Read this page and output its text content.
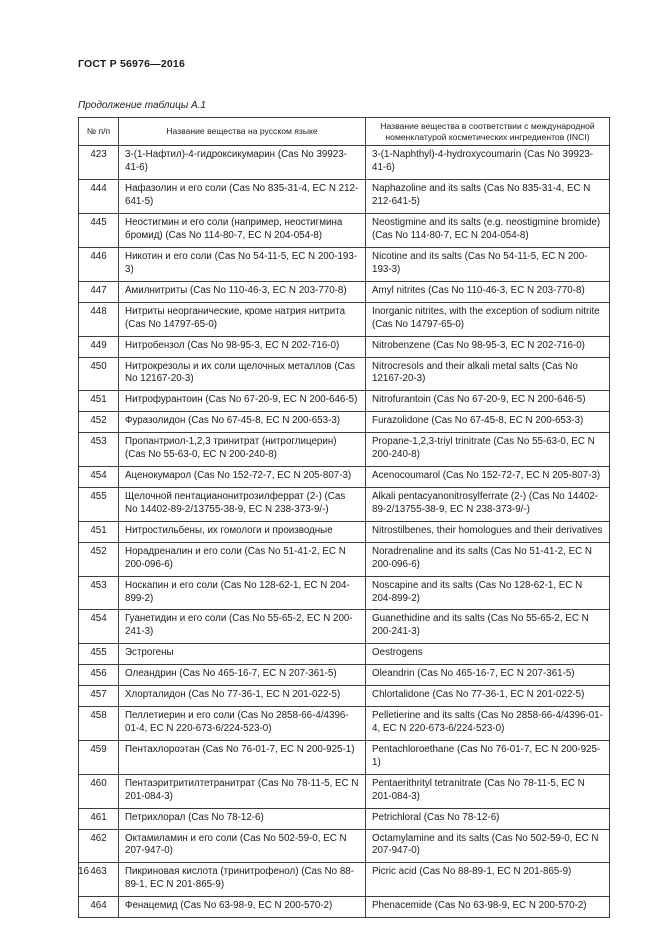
ГОСТ Р 56976—2016

Продолжение таблицы А.1

№ п/п	Название вещества на русском языке	Название вещества в соответствии с международной номенклатурой косметических ингредиентов (INCI)
423	3-(1-Нафтил)-4-гидроксикумарин (Cas No 39923-41-6)	3-(1-Naphthyl)-4-hydroxycoumarin (Cas No 39923-41-6)
444	Нафазолин и его соли (Cas No 835-31-4, EC N 212-641-5)	Naphazoline and its salts (Cas No 835-31-4, EC N 212-641-5)
445	Неостигмин и его соли (например, неостигмина бромид) (Cas No 114-80-7, EC N 204-054-8)	Neostigmine and its salts (e.g. neostigmine bromide) (Cas No 114-80-7, EC N 204-054-8)
446	Никотин и его соли (Cas No 54-11-5, EC N 200-193-3)	Nicotine and its salts (Cas No 54-11-5, EC N 200-193-3)
447	Амилнитриты (Cas No 110-46-3, EC N 203-770-8)	Amyl nitrites (Cas No 110-46-3, EC N 203-770-8)
448	Нитриты неорганические, кроме натрия нитрита (Cas No 14797-65-0)	Inorganic nitrites, with the exception of sodium nitrite (Cas No 14797-65-0)
449	Нитробензол (Cas No 98-95-3, EC N 202-716-0)	Nitrobenzene (Cas No 98-95-3, EC N 202-716-0)
450	Нитрокрезолы и их соли щелочных металлов (Cas No 12167-20-3)	Nitrocresols and their alkali metal salts (Cas No 12167-20-3)
451	Нитрофурантоин (Cas No 67-20-9, EC N 200-646-5)	Nitrofurantoin (Cas No 67-20-9, EC N 200-646-5)
452	Фуразолидон (Cas No 67-45-8, EC N 200-653-3)	Furazolidone (Cas No 67-45-8, EC N 200-653-3)
453	Пропантриол-1,2,3 тринитрат (нитроглицерин) (Cas No 55-63-0, EC N 200-240-8)	Propane-1,2,3-triyl trinitrate (Cas No 55-63-0, EC N 200-240-8)
454	Аценокумарол (Cas No 152-72-7, EC N 205-807-3)	Acenocoumarol (Cas No 152-72-7, EC N 205-807-3)
455	Щелочной пентацианонитрозилферрат (2-) (Cas No 14402-89-2/13755-38-9, EC N 238-373-9/-)	Alkali pentacyanonitrosylferrate (2-) (Cas No 14402-89-2/13755-38-9, EC N 238-373-9/-)
451	Нитростильбены, их гомологи и производные	Nitrostilbenes, their homologues and their derivatives
452	Норадреналин и его соли (Cas No 51-41-2, EC N 200-096-6)	Noradrenaline and its salts (Cas No 51-41-2, EC N 200-096-6)
453	Носкапин и его соли (Cas No 128-62-1, EC N 204-899-2)	Noscapine and its salts (Cas No 128-62-1, EC N 204-899-2)
454	Гуанетидин и его соли (Cas No 55-65-2, EC N 200-241-3)	Guanethidine and its salts (Cas No 55-65-2, EC N 200-241-3)
455	Эстрогены	Oestrogens
456	Олеандрин (Cas No 465-16-7, EC N 207-361-5)	Oleandrin (Cas No 465-16-7, EC N 207-361-5)
457	Хлорталидон (Cas No 77-36-1, EC N 201-022-5)	Chlortalidone (Cas No 77-36-1, EC N 201-022-5)
458	Пеллетиерин и его соли (Cas No 2858-66-4/4396-01-4, EC N 220-673-6/224-523-0)	Pelletierine and its salts (Cas No 2858-66-4/4396-01-4, EC N 220-673-6/224-523-0)
459	Пентахлороэтан (Cas No 76-01-7, EC N 200-925-1)	Pentachloroethane (Cas No 76-01-7, EC N 200-925-1)
460	Пентаэритритилтетранитрат (Cas No 78-11-5, EC N 201-084-3)	Pentaerithrityl tetranitrate (Cas No 78-11-5, EC N 201-084-3)
461	Петрихлорал (Cas No 78-12-6)	Petrichloral (Cas No 78-12-6)
462	Октамиламин и его соли (Cas No 502-59-0, EC N 207-947-0)	Octamylamine and its salts (Cas No 502-59-0, EC N 207-947-0)
463	Пикриновая кислота (тринитрофенол) (Cas No 88-89-1, EC N 201-865-9)	Picric acid (Cas No 88-89-1, EC N 201-865-9)
464	Фенацемид (Cas No 63-98-9, EC N 200-570-2)	Phenacemide (Cas No 63-98-9, EC N 200-570-2)
16
